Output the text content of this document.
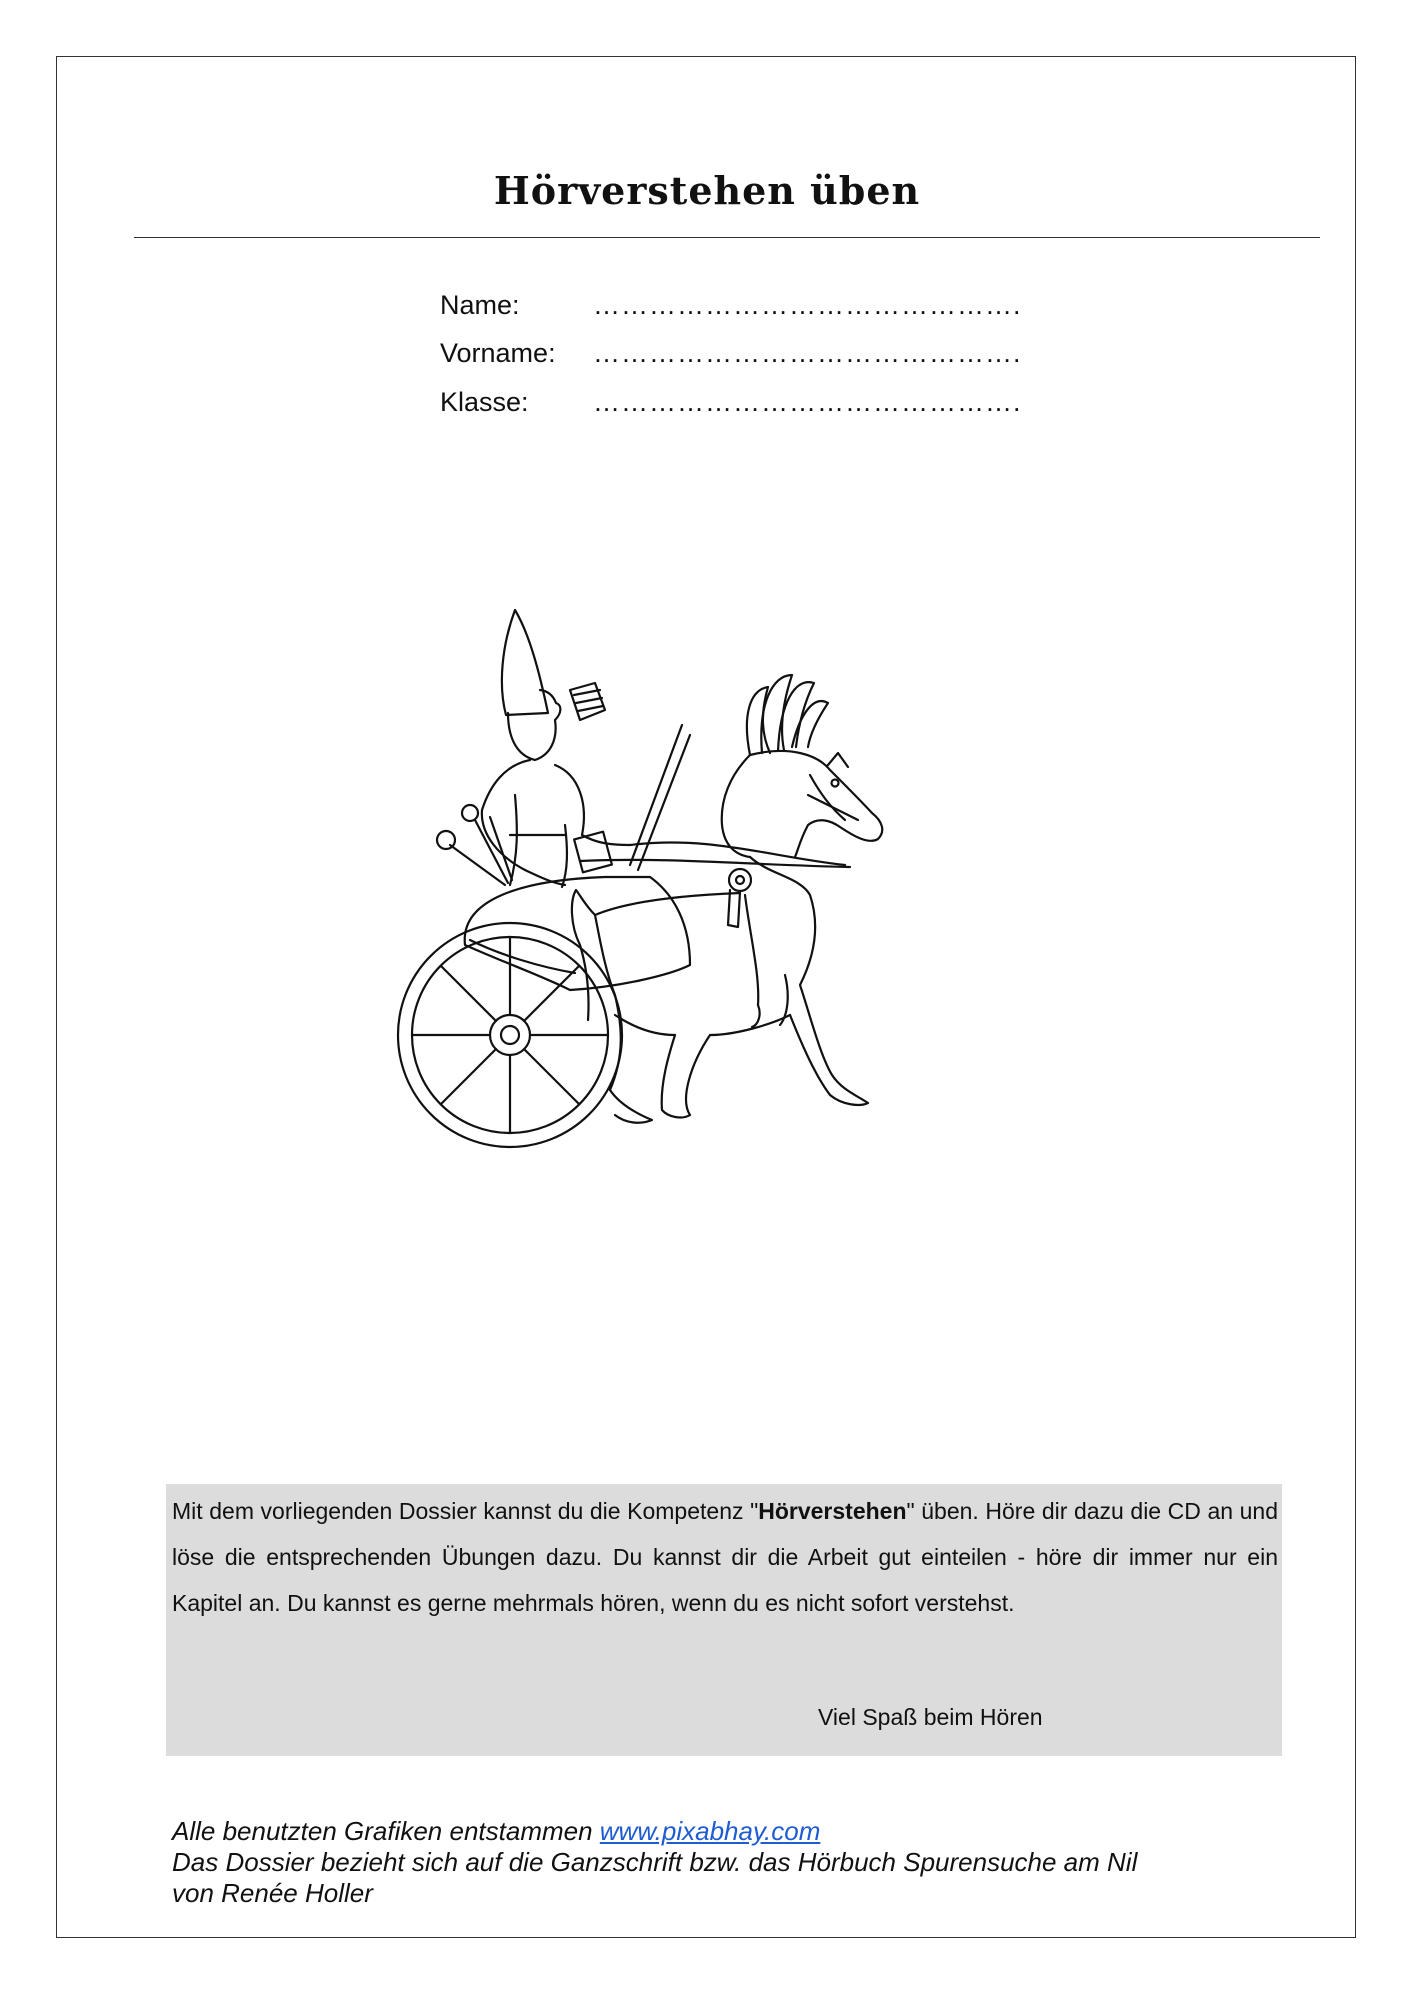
Hörverstehen üben
Name:	……………………………………….
Vorname: ……………………………………….
Klasse: ……………………………………….

Mit dem vorliegenden Dossier kannst du die Kompetenz "Hörverstehen" üben. Höre dir dazu die CD an und löse die entsprechenden Übungen dazu. Du kannst dir die Arbeit gut einteilen - höre dir immer nur ein Kapitel an. Du kannst es gerne mehrmals hören, wenn du es nicht sofort verstehst.

Viel Spaß beim Hören
Alle benutzten Grafiken entstammen www.pixabhay.com
Das Dossier bezieht sich auf die Ganzschrift bzw. das Hörbuch Spurensuche am Nil
von Renée Holler
